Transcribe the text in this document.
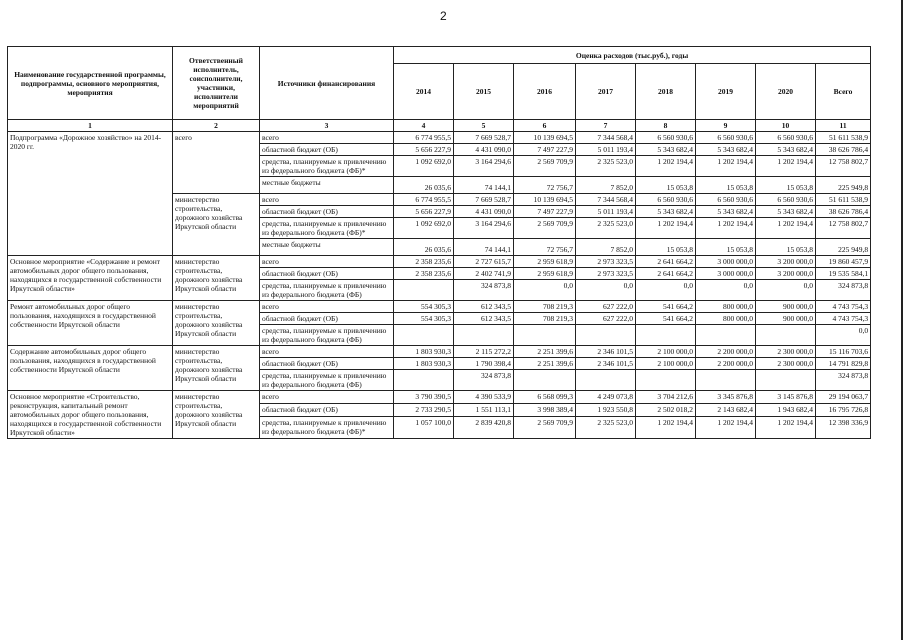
2
Наименование государственной программы, подпрограммы, основного мероприятия, мероприятия	Ответственный исполнитель, соисполнители, участники, исполнители мероприятий	Источники финансирования	Оценка расходов (тыс.руб.), годы							
			2014	2015	2016	2017	2018	2019	2020	Всего
1	2	3	4	5	6	7	8	9	10	11
Подпрограмма «Дорожное хозяйство» на 2014-2020 гг.	всего	всего	6 774 955,5	7 669 528,7	10 139 694,5	7 344 568,4	6 560 930,6	6 560 930,6	6 560 930,6	51 611 538,9
		областной бюджет (ОБ)	5 656 227,9	4 431 090,0	7 497 227,9	5 011 193,4	5 343 682,4	5 343 682,4	5 343 682,4	38 626 786,4
		средства, планируемые к привлечению из федерального бюджета (ФБ)*	1 092 692,0	3 164 294,6	2 569 709,9	2 325 523,0	1 202 194,4	1 202 194,4	1 202 194,4	12 758 802,7
		местные бюджеты	26 035,6	74 144,1	72 756,7	7 852,0	15 053,8	15 053,8	15 053,8	225 949,8
	министерство строительства, дорожного хозяйства Иркутской области	всего	6 774 955,5	7 669 528,7	10 139 694,5	7 344 568,4	6 560 930,6	6 560 930,6	6 560 930,6	51 611 538,9
		областной бюджет (ОБ)	5 656 227,9	4 431 090,0	7 497 227,9	5 011 193,4	5 343 682,4	5 343 682,4	5 343 682,4	38 626 786,4
		средства, планируемые к привлечению из федерального бюджета (ФБ)*	1 092 692,0	3 164 294,6	2 569 709,9	2 325 523,0	1 202 194,4	1 202 194,4	1 202 194,4	12 758 802,7
		местные бюджеты	26 035,6	74 144,1	72 756,7	7 852,0	15 053,8	15 053,8	15 053,8	225 949,8
Основное мероприятие «Содержание и ремонт автомобильных дорог общего пользования, находящихся в государственной собственности Иркутской области»	министерство строительства, дорожного хозяйства Иркутской области	всего	2 358 235,6	2 727 615,7	2 959 618,9	2 973 323,5	2 641 664,2	3 000 000,0	3 200 000,0	19 860 457,9
		областной бюджет (ОБ)	2 358 235,6	2 402 741,9	2 959 618,9	2 973 323,5	2 641 664,2	3 000 000,0	3 200 000,0	19 535 584,1
		средства, планируемые к привлечению из федерального бюджета (ФБ)		324 873,8	0,0	0,0	0,0	0,0	0,0	324 873,8
Ремонт автомобильных дорог общего пользования, находящихся в государственной собственности Иркутской области	министерство строительства, дорожного хозяйства Иркутской области	всего	554 305,3	612 343,5	708 219,3	627 222,0	541 664,2	800 000,0	900 000,0	4 743 754,3
		областной бюджет (ОБ)	554 305,3	612 343,5	708 219,3	627 222,0	541 664,2	800 000,0	900 000,0	4 743 754,3
		средства, планируемые к привлечению из федерального бюджета (ФБ)								0,0
Содержание автомобильных дорог общего пользования, находящихся в государственной собственности Иркутской области	министерство строительства, дорожного хозяйства Иркутской области	всего	1 803 930,3	2 115 272,2	2 251 399,6	2 346 101,5	2 100 000,0	2 200 000,0	2 300 000,0	15 116 703,6
		областной бюджет (ОБ)	1 803 930,3	1 790 398,4	2 251 399,6	2 346 101,5	2 100 000,0	2 200 000,0	2 300 000,0	14 791 829,8
		средства, планируемые к привлечению из федерального бюджета (ФБ)		324 873,8						324 873,8
Основное мероприятие «Строительство, реконструкция, капитальный ремонт автомобильных дорог общего пользования, находящихся в государственной собственности Иркутской области»	министерство строительства, дорожного хозяйства Иркутской области	всего	3 790 390,5	4 390 533,9	6 568 099,3	4 249 073,8	3 704 212,6	3 345 876,8	3 145 876,8	29 194 063,7
		областной бюджет (ОБ)	2 733 290,5	1 551 113,1	3 998 389,4	1 923 550,8	2 502 018,2	2 143 682,4	1 943 682,4	16 795 726,8
		средства, планируемые к привлечению из федерального бюджета (ФБ)*	1 057 100,0	2 839 420,8	2 569 709,9	2 325 523,0	1 202 194,4	1 202 194,4	1 202 194,4	12 398 336,9
